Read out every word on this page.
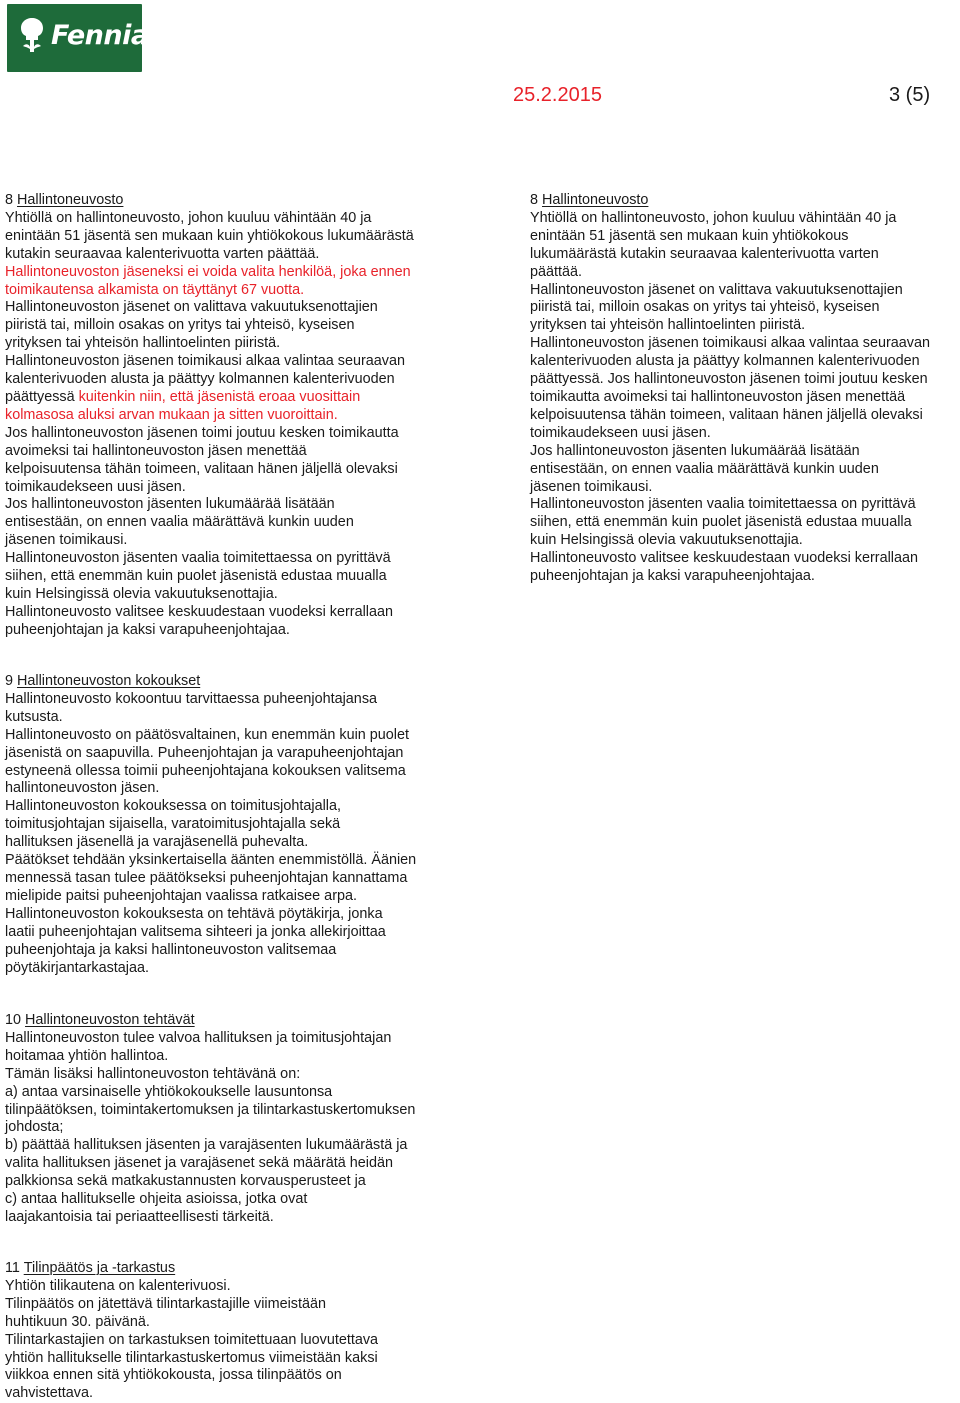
Fennia
25.2.2015	3 (5)

8 Hallintoneuvosto

Yhtiöllä on hallintoneuvosto, johon kuuluu vähintään 40 ja

enintään 51 jäsentä sen mukaan kuin yhtiökokous lukumäärästä

kutakin seuraavaa kalenterivuotta varten päättää.

Hallintoneuvoston jäseneksi ei voida valita henkilöä, joka ennen

toimikautensa alkamista on täyttänyt 67 vuotta.

Hallintoneuvoston jäsenet on valittava vakuutuksenottajien

piiristä tai, milloin osakas on yritys tai yhteisö, kyseisen

yrityksen tai yhteisön hallintoelinten piiristä.

Hallintoneuvoston jäsenen toimikausi alkaa valintaa seuraavan

kalenterivuoden alusta ja päättyy kolmannen kalenterivuoden

päättyessä kuitenkin niin, että jäsenistä eroaa vuosittain

kolmasosa aluksi arvan mukaan ja sitten vuoroittain.

Jos hallintoneuvoston jäsenen toimi joutuu kesken toimikautta

avoimeksi tai hallintoneuvoston jäsen menettää

kelpoisuutensa tähän toimeen, valitaan hänen jäljellä olevaksi

toimikaudekseen uusi jäsen.

Jos hallintoneuvoston jäsenten lukumäärää lisätään

entisestään, on ennen vaalia määrättävä kunkin uuden

jäsenen toimikausi.

Hallintoneuvoston jäsenten vaalia toimitettaessa on pyrittävä

siihen, että enemmän kuin puolet jäsenistä edustaa muualla

kuin Helsingissä olevia vakuutuksenottajia.

Hallintoneuvosto valitsee keskuudestaan vuodeksi kerrallaan

puheenjohtajan ja kaksi varapuheenjohtajaa.

8 Hallintoneuvosto

Yhtiöllä on hallintoneuvosto, johon kuuluu vähintään 40 ja

enintään 51 jäsentä sen mukaan kuin yhtiökokous

lukumäärästä kutakin seuraavaa kalenterivuotta varten

päättää.

Hallintoneuvoston jäsenet on valittava vakuutuksenottajien

piiristä tai, milloin osakas on yritys tai yhteisö, kyseisen

yrityksen tai yhteisön hallintoelinten piiristä.

Hallintoneuvoston jäsenen toimikausi alkaa valintaa seuraavan

kalenterivuoden alusta ja päättyy kolmannen kalenterivuoden

päättyessä. Jos hallintoneuvoston jäsenen toimi joutuu kesken

toimikautta avoimeksi tai hallintoneuvoston jäsen menettää

kelpoisuutensa tähän toimeen, valitaan hänen jäljellä olevaksi

toimikaudekseen uusi jäsen.

Jos hallintoneuvoston jäsenten lukumäärää lisätään

entisestään, on ennen vaalia määrättävä kunkin uuden

jäsenen toimikausi.

Hallintoneuvoston jäsenten vaalia toimitettaessa on pyrittävä

siihen, että enemmän kuin puolet jäsenistä edustaa muualla

kuin Helsingissä olevia vakuutuksenottajia.

Hallintoneuvosto valitsee keskuudestaan vuodeksi kerrallaan

puheenjohtajan ja kaksi varapuheenjohtajaa.

9 Hallintoneuvoston kokoukset

Hallintoneuvosto kokoontuu tarvittaessa puheenjohtajansa

kutsusta.

Hallintoneuvosto on päätösvaltainen, kun enemmän kuin puolet

jäsenistä on saapuvilla. Puheenjohtajan ja varapuheenjohtajan

estyneenä ollessa toimii puheenjohtajana kokouksen valitsema

hallintoneuvoston jäsen.

Hallintoneuvoston kokouksessa on toimitusjohtajalla,

toimitusjohtajan sijaisella, varatoimitusjohtajalla sekä

hallituksen jäsenellä ja varajäsenellä puhevalta.

Päätökset tehdään yksinkertaisella äänten enemmistöllä. Äänien

mennessä tasan tulee päätökseksi puheenjohtajan kannattama

mielipide paitsi puheenjohtajan vaalissa ratkaisee arpa.

Hallintoneuvoston kokouksesta on tehtävä pöytäkirja, jonka

laatii puheenjohtajan valitsema sihteeri ja jonka allekirjoittaa

puheenjohtaja ja kaksi hallintoneuvoston valitsemaa

pöytäkirjantarkastajaa.

10 Hallintoneuvoston tehtävät

Hallintoneuvoston tulee valvoa hallituksen ja toimitusjohtajan

hoitamaa yhtiön hallintoa.

Tämän lisäksi hallintoneuvoston tehtävänä on:

a) antaa varsinaiselle yhtiökokoukselle lausuntonsa

tilinpäätöksen, toimintakertomuksen ja tilintarkastuskertomuksen

johdosta;

b) päättää hallituksen jäsenten ja varajäsenten lukumäärästä ja

valita hallituksen jäsenet ja varajäsenet sekä määrätä heidän

palkkionsa sekä matkakustannusten korvausperusteet ja

c) antaa hallitukselle ohjeita asioissa, jotka ovat

laajakantoisia tai periaatteellisesti tärkeitä.

11 Tilinpäätös ja -tarkastus

Yhtiön tilikautena on kalenterivuosi.

Tilinpäätös on jätettävä tilintarkastajille viimeistään

huhtikuun 30. päivänä.

Tilintarkastajien on tarkastuksen toimitettuaan luovutettava

yhtiön hallitukselle tilintarkastuskertomus viimeistään kaksi

viikkoa ennen sitä yhtiökokousta, jossa tilinpäätös on

vahvistettava.
